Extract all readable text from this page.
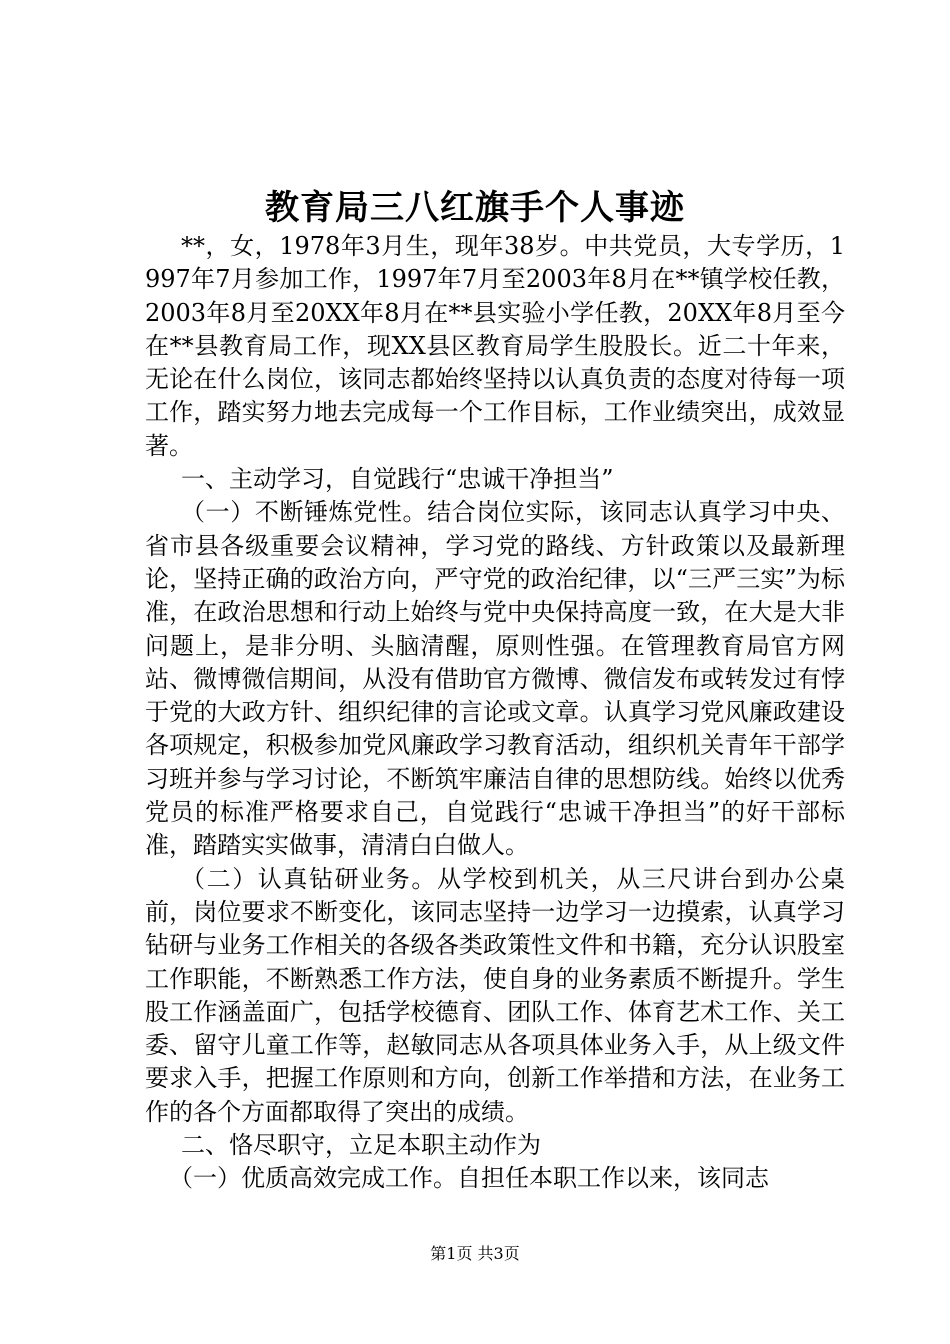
教育局三八红旗手个人事迹

**，女，1978年3月生，现年38岁。中共党员，大专学历，1997年7月参加工作，1997年7月至2003年8月在**镇学校任教，2003年8月至20XX年8月在**县实验小学任教，20XX年8月至今在**县教育局工作，现XX县区教育局学生股股长。近二十年来，无论在什么岗位，该同志都始终坚持以认真负责的态度对待每一项工作，踏实努力地去完成每一个工作目标，工作业绩突出，成效显著。

一、主动学习，自觉践行“忠诚干净担当”

（一）不断锤炼党性。结合岗位实际，该同志认真学习中央、省市县各级重要会议精神，学习党的路线、方针政策以及最新理论，坚持正确的政治方向，严守党的政治纪律，以“三严三实”为标准，在政治思想和行动上始终与党中央保持高度一致，在大是大非问题上，是非分明、头脑清醒，原则性强。在管理教育局官方网站、微博微信期间，从没有借助官方微博、微信发布或转发过有悖于党的大政方针、组织纪律的言论或文章。认真学习党风廉政建设各项规定，积极参加党风廉政学习教育活动，组织机关青年干部学习班并参与学习讨论，不断筑牢廉洁自律的思想防线。始终以优秀党员的标准严格要求自己，自觉践行“忠诚干净担当”的好干部标准，踏踏实实做事，清清白白做人。

（二）认真钻研业务。从学校到机关，从三尺讲台到办公桌前，岗位要求不断变化，该同志坚持一边学习一边摸索，认真学习钻研与业务工作相关的各级各类政策性文件和书籍，充分认识股室工作职能，不断熟悉工作方法，使自身的业务素质不断提升。学生股工作涵盖面广，包括学校德育、团队工作、体育艺术工作、关工委、留守儿童工作等，赵敏同志从各项具体业务入手，从上级文件要求入手，把握工作原则和方向，创新工作举措和方法，在业务工作的各个方面都取得了突出的成绩。

二、恪尽职守，立足本职主动作为

（一）优质高效完成工作。自担任本职工作以来，该同志

第1页 共3页
